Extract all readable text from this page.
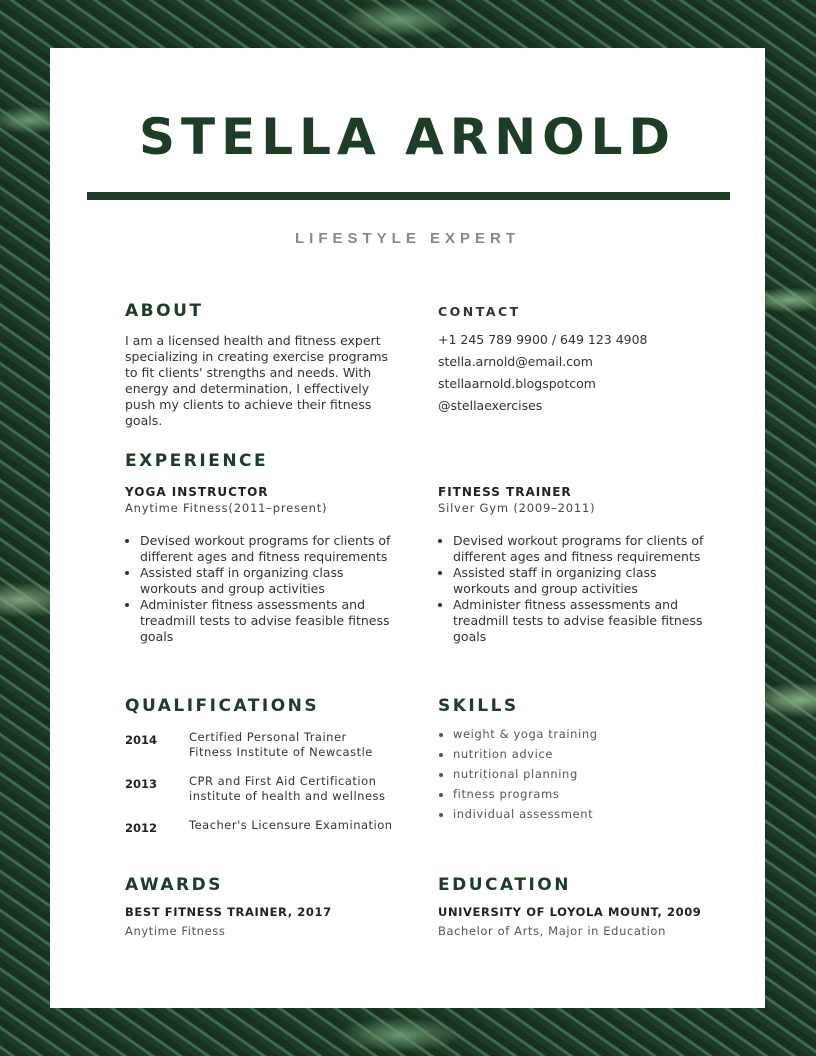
STELLA ARNOLD
LIFESTYLE EXPERT
ABOUT
I am a licensed health and fitness expert specializing in creating exercise programs to fit clients' strengths and needs. With energy and determination, I effectively push my clients to achieve their fitness goals.
CONTACT
+1 245 789 9900 / 649 123 4908
stella.arnold@email.com
stellaarnold.blogspotcom
@stellaexercises
EXPERIENCE
YOGA INSTRUCTOR
Anytime Fitness(2011–present)
• Devised workout programs for clients of different ages and fitness requirements
• Assisted staff in organizing class workouts and group activities
• Administer fitness assessments and treadmill tests to advise feasible fitness goals
FITNESS TRAINER
Silver Gym (2009–2011)
• Devised workout programs for clients of different ages and fitness requirements
• Assisted staff in organizing class workouts and group activities
• Administer fitness assessments and treadmill tests to advise feasible fitness goals
QUALIFICATIONS
2014	Certified Personal Trainer
Fitness Institute of Newcastle
2013	CPR and First Aid Certification
institute of health and wellness
2012	Teacher's Licensure Examination
SKILLS
• weight & yoga training
• nutrition advice
• nutritional planning
• fitness programs
• individual assessment
AWARDS
BEST FITNESS TRAINER, 2017
Anytime Fitness
EDUCATION
UNIVERSITY OF LOYOLA MOUNT, 2009
Bachelor of Arts, Major in Education
